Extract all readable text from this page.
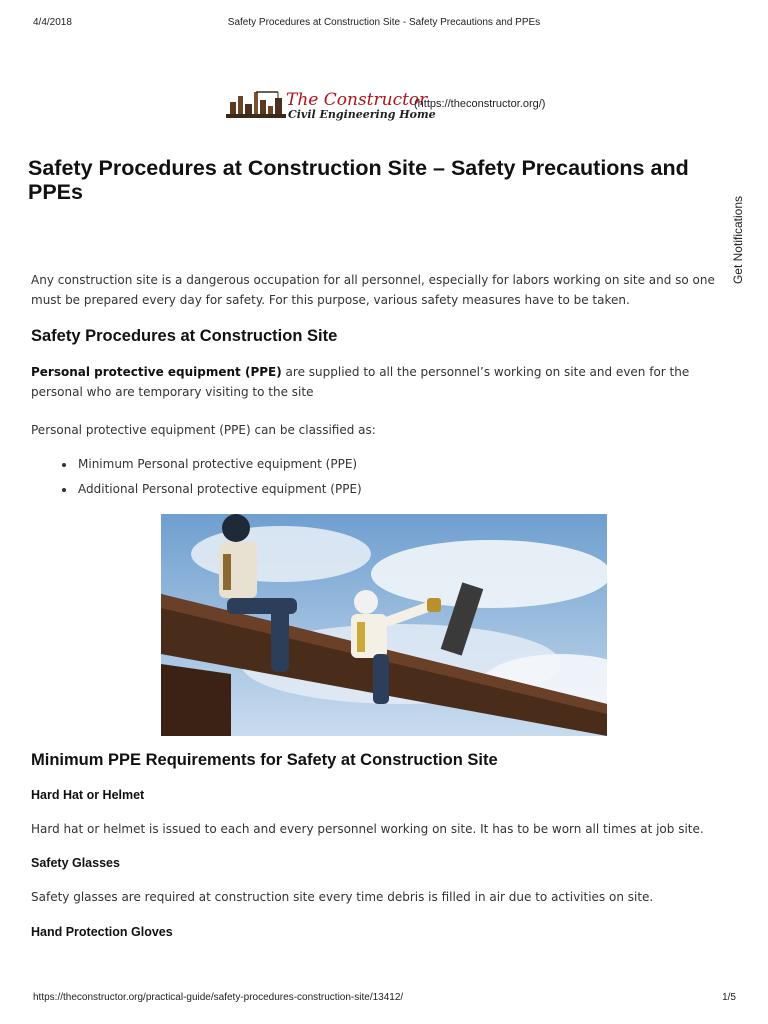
4/4/2018	Safety Procedures at Construction Site - Safety Precautions and PPEs
The Constructor
Civil Engineering Home
(https://theconstructor.org/)
Safety Procedures at Construction Site – Safety Precautions and PPEs
Get Notifications

Any construction site is a dangerous occupation for all personnel, especially for labors working on site and so one must be prepared every day for safety. For this purpose, various safety measures have to be taken.

Safety Procedures at Construction Site

Personal protective equipment (PPE) are supplied to all the personnel’s working on site and even for the personal who are temporary visiting to the site

Personal protective equipment (PPE) can be classified as:

Minimum Personal protective equipment (PPE)
Additional Personal protective equipment (PPE)
Minimum PPE Requirements for Safety at Construction Site
Hard Hat or Helmet

Hard hat or helmet is issued to each and every personnel working on site. It has to be worn all times at job site.

Safety Glasses

Safety glasses are required at construction site every time debris is filled in air due to activities on site.

Hand Protection Gloves
https://theconstructor.org/practical-guide/safety-procedures-construction-site/13412/	1/5
